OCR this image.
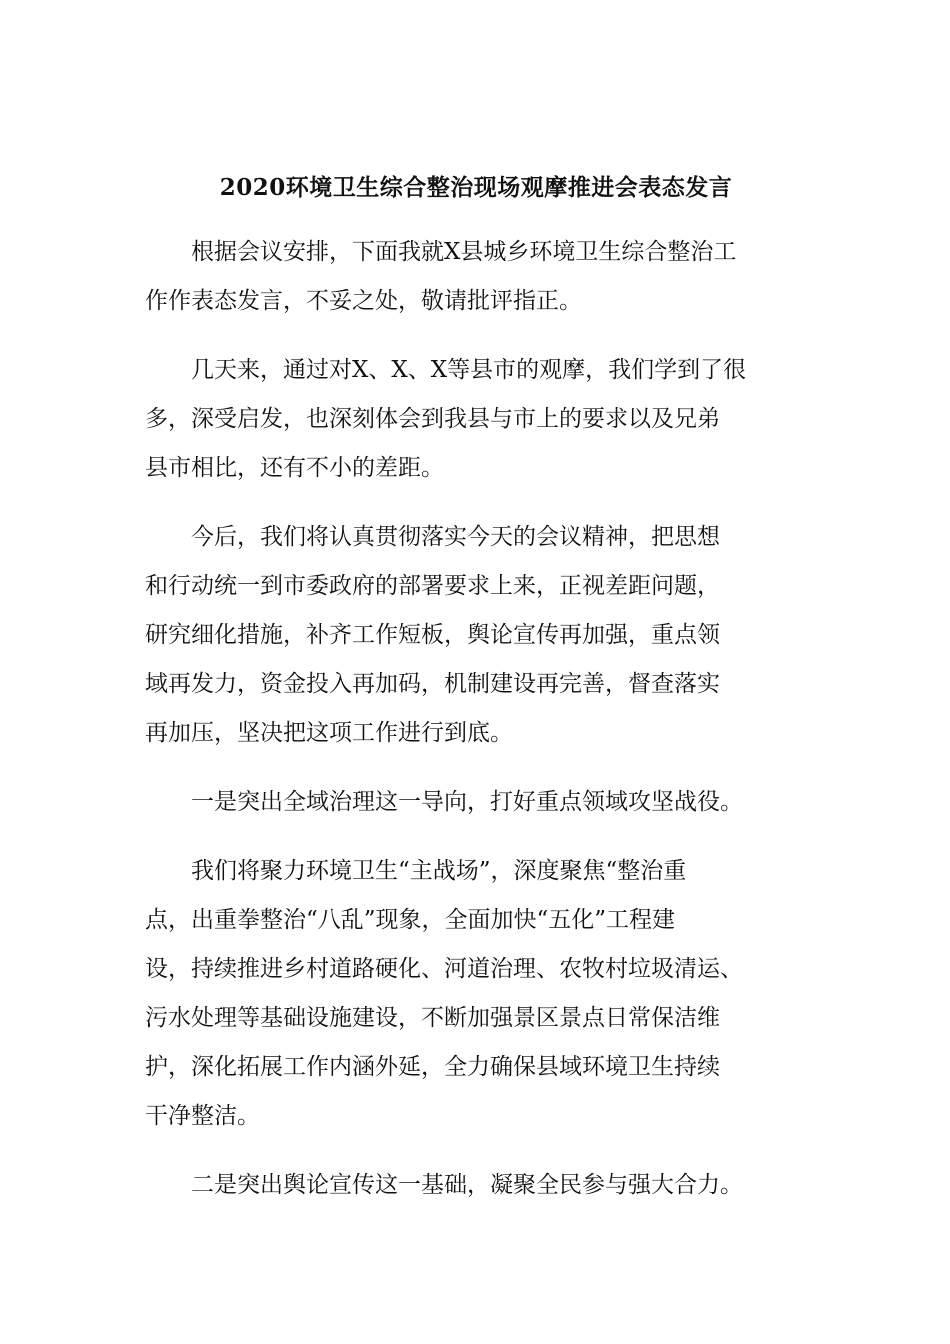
2020环境卫生综合整治现场观摩推进会表态发言

　　根据会议安排，下面我就X县城乡环境卫生综合整治工
作作表态发言，不妥之处，敬请批评指正。

　　几天来，通过对X、X、X等县市的观摩，我们学到了很
多，深受启发，也深刻体会到我县与市上的要求以及兄弟
县市相比，还有不小的差距。

　　今后，我们将认真贯彻落实今天的会议精神，把思想
和行动统一到市委政府的部署要求上来，正视差距问题，
研究细化措施，补齐工作短板，舆论宣传再加强，重点领
域再发力，资金投入再加码，机制建设再完善，督查落实
再加压，坚决把这项工作进行到底。

　　一是突出全域治理这一导向，打好重点领域攻坚战役。

　　我们将聚力环境卫生“主战场”，深度聚焦“整治重
点，出重拳整治“八乱”现象，全面加快“五化”工程建
设，持续推进乡村道路硬化、河道治理、农牧村垃圾清运、
污水处理等基础设施建设，不断加强景区景点日常保洁维
护，深化拓展工作内涵外延，全力确保县域环境卫生持续
干净整洁。

　　二是突出舆论宣传这一基础，凝聚全民参与强大合力。
